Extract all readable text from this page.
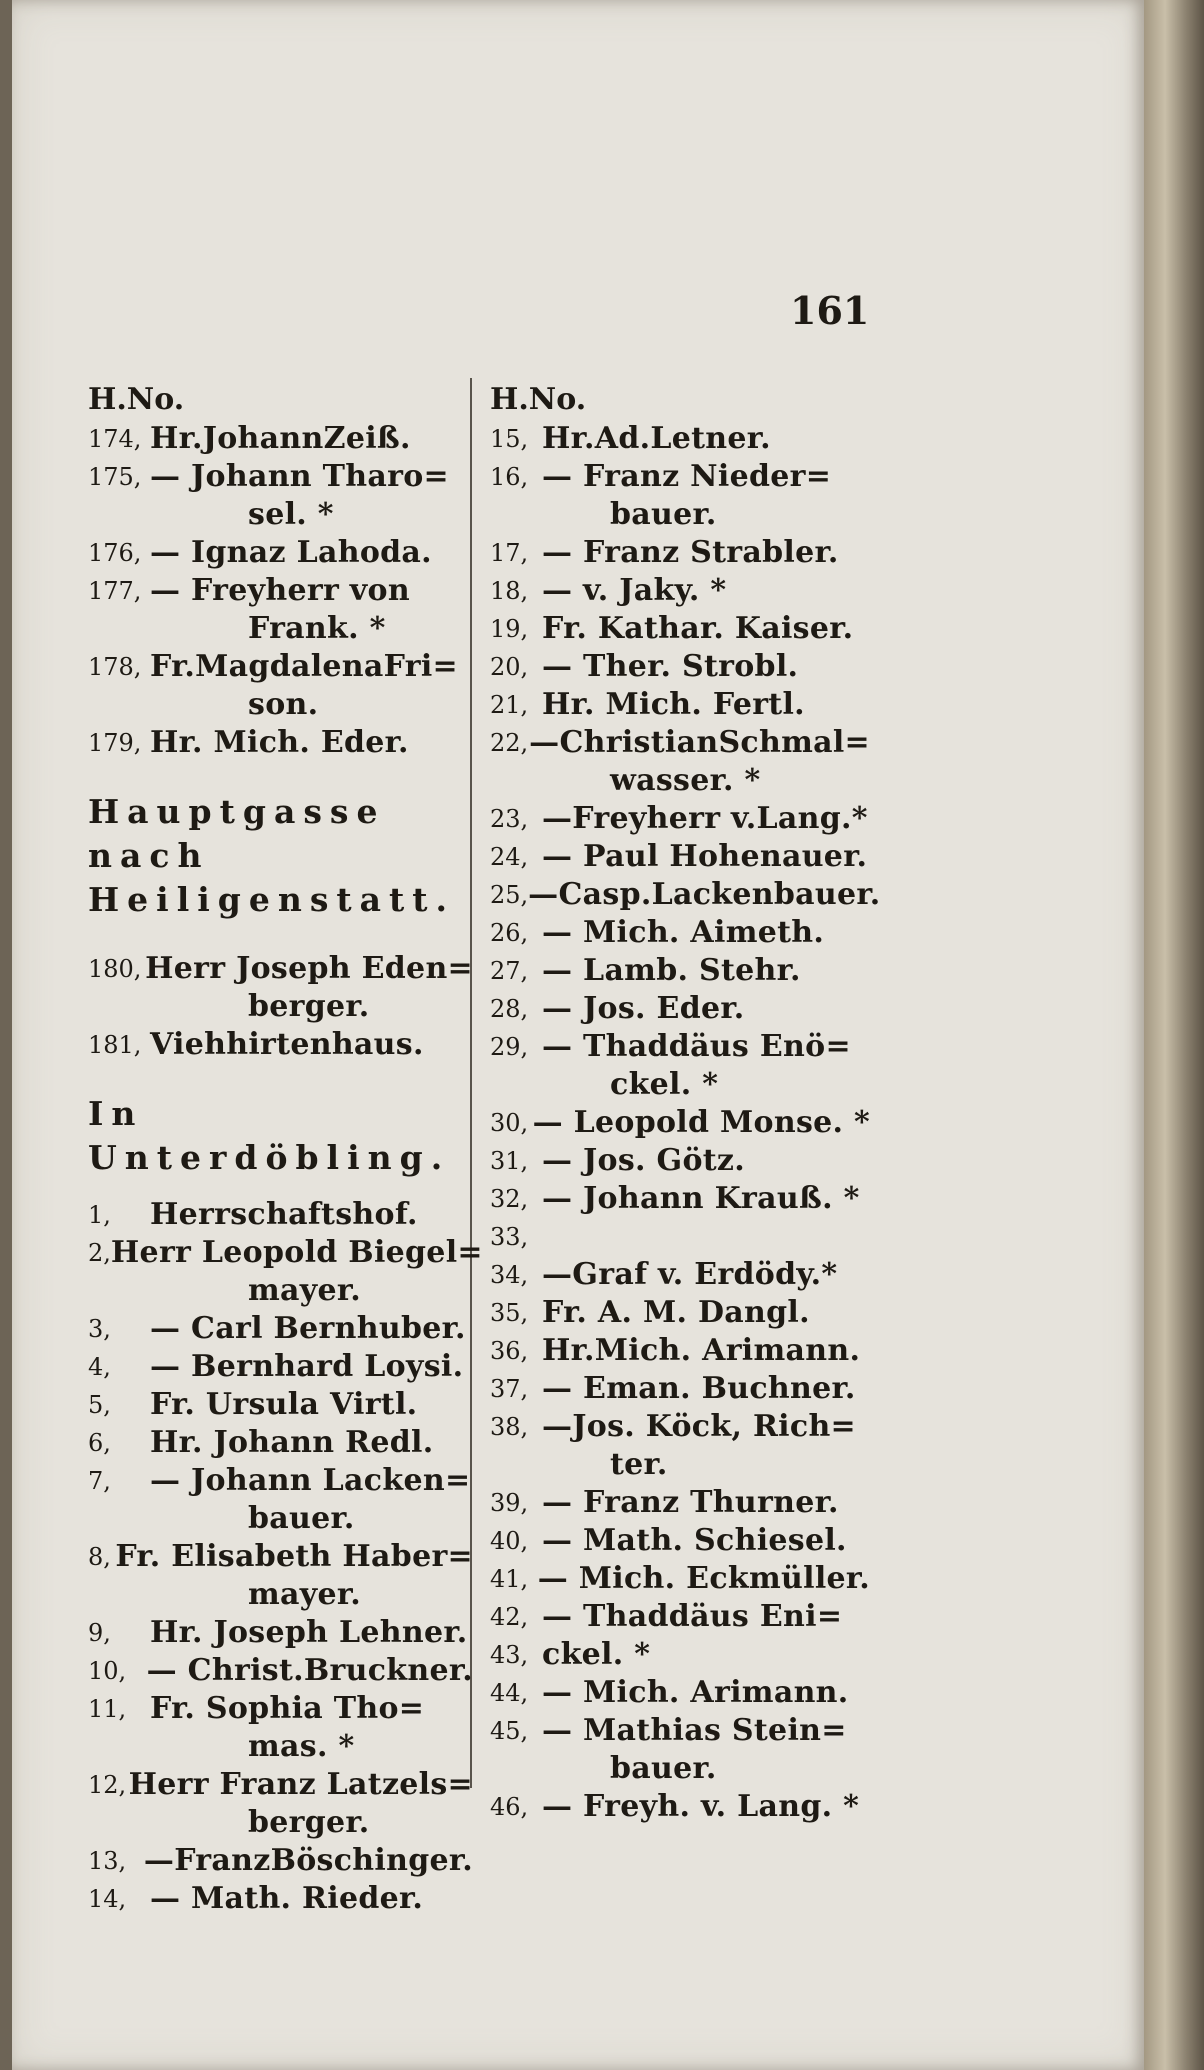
161
H.No.
174, Hr.JohannZeiß.
175, — Johann Tharo=
sel. *
176, — Ignaz Lahoda.
177, — Freyherr von
Frank. *
178, Fr.MagdalenaFri=
son.
179, Hr. Mich. Eder.
Hauptgasse nach
Heiligenstatt.
180, Herr Joseph Eden=
berger.
181, Viehhirtenhaus.
In Unterdöbling.
1,	Herrschaftshof.
2, Herr Leopold Biegel=
mayer.
3,	— Carl Bernhuber.
4,	— Bernhard Loysi.
5,	Fr. Ursula Virtl.
6,	Hr. Johann Redl.
7,	— Johann Lacken=
bauer.
8, Fr. Elisabeth Haber=
mayer.
9,	Hr. Joseph Lehner.
10, — Christ.Bruckner.
11, Fr. Sophia Tho=
mas. *
12, Herr Franz Latzels=
berger.
13, —FranzBöschinger.
14, — Math. Rieder.
H.No.
15, Hr.Ad.Letner.
16, — Franz Nieder=
bauer.
17, — Franz Strabler.
18, — v. Jaky. *
19, Fr. Kathar. Kaiser.
20, — Ther. Strobl.
21, Hr. Mich. Fertl.
22, —ChristianSchmal=
wasser. *
23, —Freyherr v.Lang.*
24, — Paul Hohenauer.
25, —Casp.Lackenbauer.
26, — Mich. Aimeth.
27, — Lamb. Stehr.
28, — Jos. Eder.
29, — Thaddäus Enö=
ckel. *
30, — Leopold Monse. *
31, — Jos. Götz.
32, — Johann Krauß. *
33,
34, —Graf v. Erdödy.*
35, Fr. A. M. Dangl.
36, Hr.Mich. Arimann.
37, — Eman. Buchner.
38, —Jos. Köck, Rich=
ter.
39, — Franz Thurner.
40, — Math. Schiesel.
41, — Mich. Eckmüller.
42, — Thaddäus Eni=
43, ckel. *
44, — Mich. Arimann.
45, — Mathias Stein=
bauer.
46, — Freyh. v. Lang. *
